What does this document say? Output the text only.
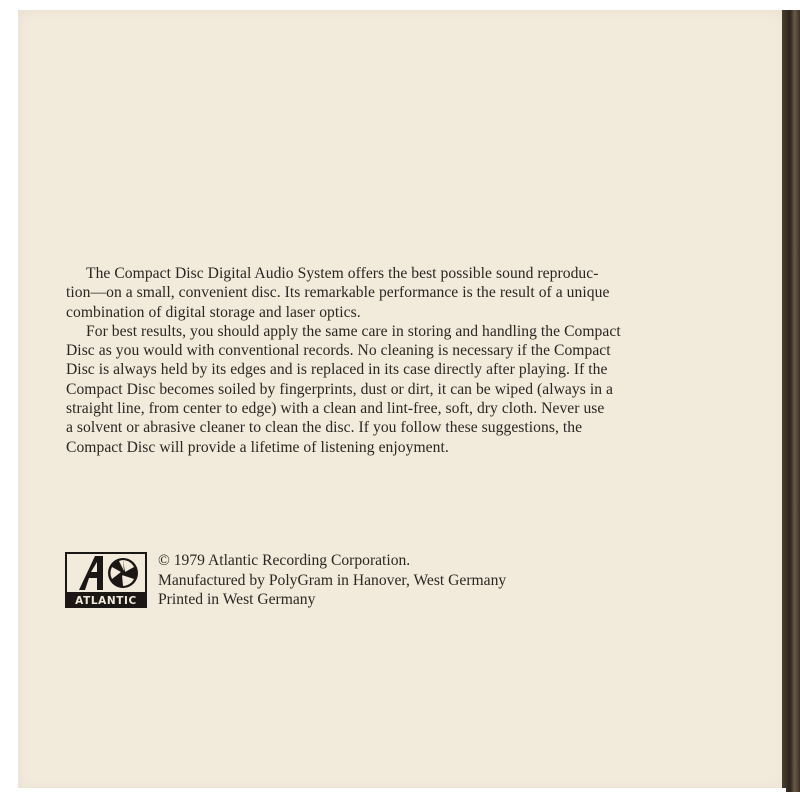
The Compact Disc Digital Audio System offers the best possible sound reproduc-
tion—on a small, convenient disc. Its remarkable performance is the result of a unique
combination of digital storage and laser optics.
For best results, you should apply the same care in storing and handling the Compact
Disc as you would with conventional records. No cleaning is necessary if the Compact
Disc is always held by its edges and is replaced in its case directly after playing. If the
Compact Disc becomes soiled by fingerprints, dust or dirt, it can be wiped (always in a
straight line, from center to edge) with a clean and lint-free, soft, dry cloth. Never use
a solvent or abrasive cleaner to clean the disc. If you follow these suggestions, the
Compact Disc will provide a lifetime of listening enjoyment.
ATLANTIC
© 1979 Atlantic Recording Corporation.
Manufactured by PolyGram in Hanover, West Germany
Printed in West Germany
